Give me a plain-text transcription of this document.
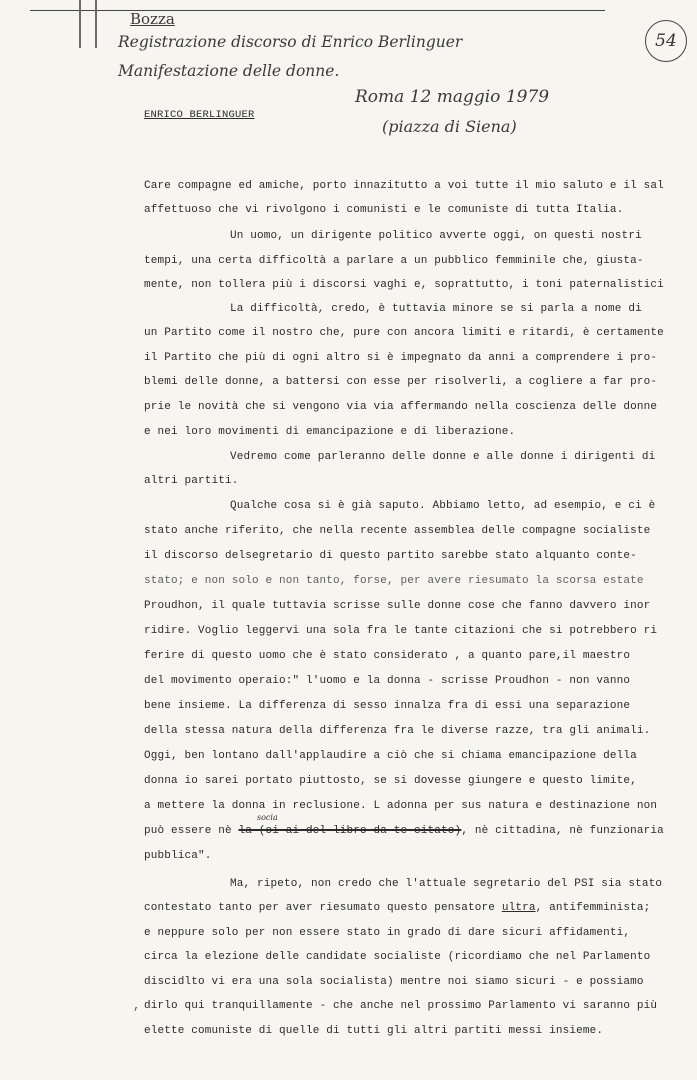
Bozza
Registrazione discorso di Enrico Berlinguer
Manifestazione delle donne.
Roma 12 maggio 1979
(piazza di Siena)
54
ENRICO BERLINGUER
Care compagne ed amiche, porto innazitutto a voi tutte il mio saluto e il sal
affettuoso che vi rivolgono i comunisti e le comuniste di tutta Italia.
Un uomo, un dirigente politico avverte oggi, on questi nostri
tempi, una certa difficoltà a parlare a un pubblico femminile che, giusta-
mente, non tollera più i discorsi vaghi e, soprattutto, i toni paternalistici
La difficoltà, credo, è tuttavia minore se si parla a nome di
un Partito come il nostro che, pure con ancora limiti e ritardi, è certamente
il Partito che più di ogni altro si è impegnato da anni a comprendere i pro-
blemi delle donne, a battersi con esse per risolverli, a cogliere a far pro-
prie le novità che si vengono via via affermando nella coscienza delle donne
e nei loro movimenti di emancipazione e di liberazione.
Vedremo come parleranno delle donne e alle donne i dirigenti di
altri partiti.
Qualche cosa si è già saputo. Abbiamo letto, ad esempio, e ci è
stato anche riferito, che nella recente assemblea delle compagne socialiste
il discorso delsegretario di questo partito sarebbe stato alquanto conte-
stato; e non solo e non tanto, forse, per avere riesumato la scorsa estate
Proudhon, il quale tuttavia scrisse sulle donne cose che fanno davvero inor
ridire. Voglio leggervi una sola fra le tante citazioni che si potrebbero ri
ferire di questo uomo che è stato considerato , a quanto pare,il maestro
del movimento operaio:" l'uomo e la donna - scrisse Proudhon - non vanno
bene insieme. La differenza di sesso innalza fra di essi una separazione
della stessa natura della differenza fra le diverse razze, tra gli animali.
Oggi, ben lontano dall'applaudire a ciò che si chiama emancipazione della
donna io sarei portato piuttosto, se si dovesse giungere e questo limite,
a mettere la donna in reclusione. L adonna per sus natura e destinazione non
socia
può essere nè la (oi ai del libro da te citato), nè cittadina, nè funzionaria
pubblica".
Ma, ripeto, non credo che l'attuale segretario del PSI sia stato
contestato tanto per aver riesumato questo pensatore ultra, antifemminista;
e neppure solo per non essere stato in grado di dare sicuri affidamenti,
circa la elezione delle candidate socialiste (ricordiamo che nel Parlamento
discidlto vi era una sola socialista) mentre noi siamo sicuri - e possiamo
, dirlo qui tranquillamente - che anche nel prossimo Parlamento vi saranno più
elette comuniste di quelle di tutti gli altri partiti messi insieme.
